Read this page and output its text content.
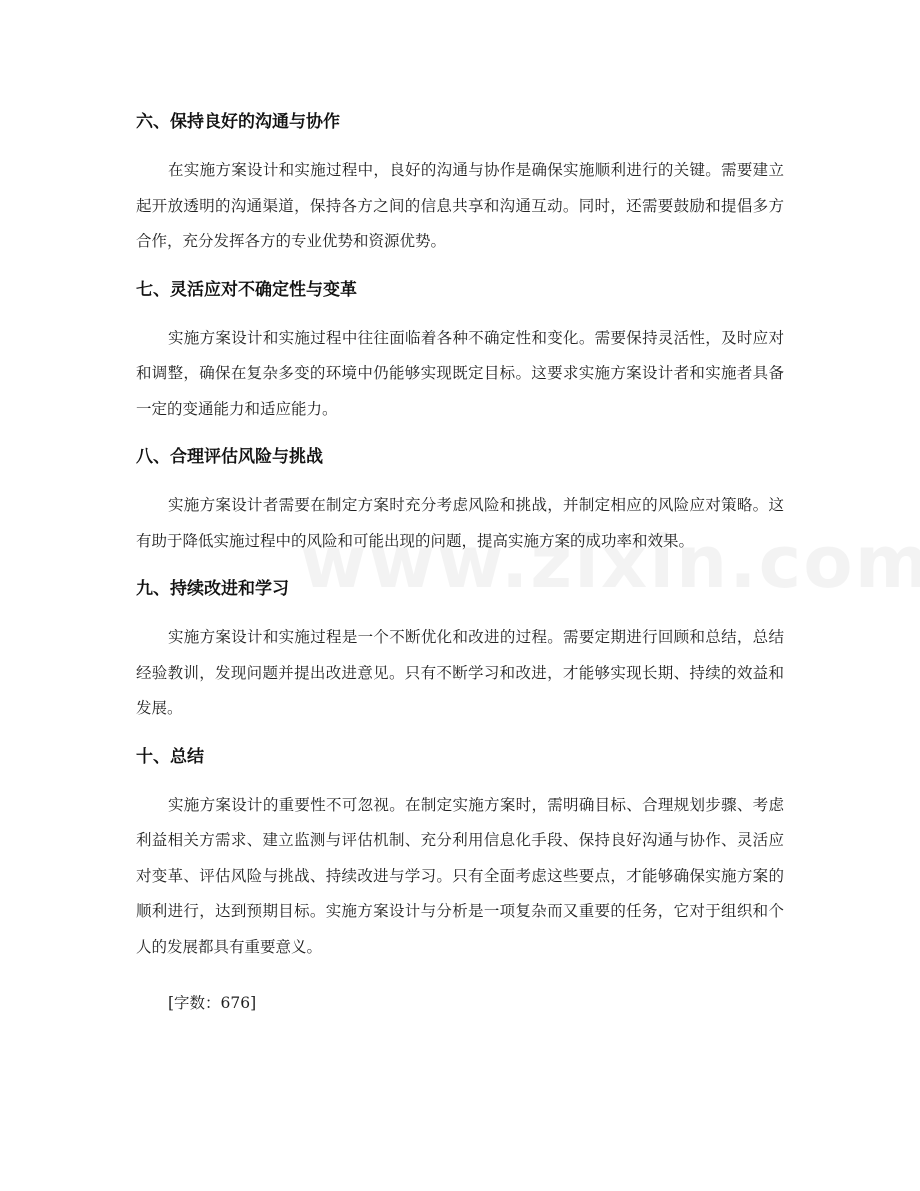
六、保持良好的沟通与协作

在实施方案设计和实施过程中，良好的沟通与协作是确保实施顺利进行的关键。需要建立起开放透明的沟通渠道，保持各方之间的信息共享和沟通互动。同时，还需要鼓励和提倡多方合作，充分发挥各方的专业优势和资源优势。

七、灵活应对不确定性与变革

实施方案设计和实施过程中往往面临着各种不确定性和变化。需要保持灵活性，及时应对和调整，确保在复杂多变的环境中仍能够实现既定目标。这要求实施方案设计者和实施者具备一定的变通能力和适应能力。

八、合理评估风险与挑战

实施方案设计者需要在制定方案时充分考虑风险和挑战，并制定相应的风险应对策略。这有助于降低实施过程中的风险和可能出现的问题，提高实施方案的成功率和效果。

九、持续改进和学习

实施方案设计和实施过程是一个不断优化和改进的过程。需要定期进行回顾和总结，总结经验教训，发现问题并提出改进意见。只有不断学习和改进，才能够实现长期、持续的效益和发展。

十、总结

实施方案设计的重要性不可忽视。在制定实施方案时，需明确目标、合理规划步骤、考虑利益相关方需求、建立监测与评估机制、充分利用信息化手段、保持良好沟通与协作、灵活应对变革、评估风险与挑战、持续改进与学习。只有全面考虑这些要点，才能够确保实施方案的顺利进行，达到预期目标。实施方案设计与分析是一项复杂而又重要的任务，它对于组织和个人的发展都具有重要意义。

[字数：676]
